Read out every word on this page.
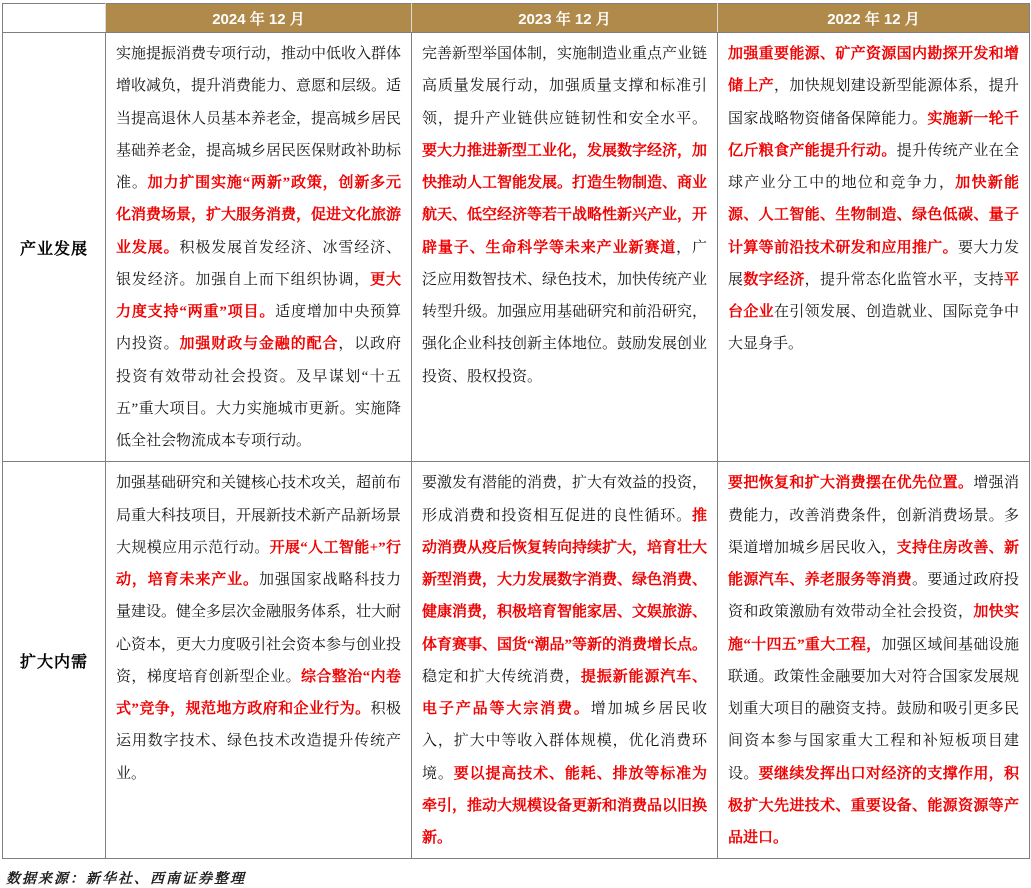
	2024 年 12 月	2023 年 12 月	2022 年 12 月
产业发展	实施提振消费专项行动，推动中低收入群体增收减负，提升消费能力、意愿和层级。适当提高退休人员基本养老金，提高城乡居民基础养老金，提高城乡居民医保财政补助标准。加力扩围实施“两新”政策，创新多元化消费场景，扩大服务消费，促进文化旅游业发展。积极发展首发经济、冰雪经济、银发经济。加强自上而下组织协调，更大力度支持“两重”项目。适度增加中央预算内投资。加强财政与金融的配合，以政府投资有效带动社会投资。及早谋划“十五五”重大项目。大力实施城市更新。实施降低全社会物流成本专项行动。	完善新型举国体制，实施制造业重点产业链高质量发展行动，加强质量支撑和标准引领，提升产业链供应链韧性和安全水平。要大力推进新型工业化，发展数字经济，加快推动人工智能发展。打造生物制造、商业航天、低空经济等若干战略性新兴产业，开辟量子、生命科学等未来产业新赛道，广泛应用数智技术、绿色技术，加快传统产业转型升级。加强应用基础研究和前沿研究，强化企业科技创新主体地位。鼓励发展创业投资、股权投资。	加强重要能源、矿产资源国内勘探开发和增储上产，加快规划建设新型能源体系，提升国家战略物资储备保障能力。实施新一轮千亿斤粮食产能提升行动。提升传统产业在全球产业分工中的地位和竞争力，加快新能源、人工智能、生物制造、绿色低碳、量子计算等前沿技术研发和应用推广。要大力发展数字经济，提升常态化监管水平，支持平台企业在引领发展、创造就业、国际竞争中大显身手。
扩大内需	加强基础研究和关键核心技术攻关，超前布局重大科技项目，开展新技术新产品新场景大规模应用示范行动。开展“人工智能+”行动，培育未来产业。加强国家战略科技力量建设。健全多层次金融服务体系，壮大耐心资本，更大力度吸引社会资本参与创业投资，梯度培育创新型企业。综合整治“内卷式”竞争，规范地方政府和企业行为。积极运用数字技术、绿色技术改造提升传统产业。	要激发有潜能的消费，扩大有效益的投资，形成消费和投资相互促进的良性循环。推动消费从疫后恢复转向持续扩大，培育壮大新型消费，大力发展数字消费、绿色消费、健康消费，积极培育智能家居、文娱旅游、体育赛事、国货“潮品”等新的消费增长点。稳定和扩大传统消费，提振新能源汽车、电子产品等大宗消费。增加城乡居民收入，扩大中等收入群体规模，优化消费环境。要以提高技术、能耗、排放等标准为牵引，推动大规模设备更新和消费品以旧换新。	要把恢复和扩大消费摆在优先位置。增强消费能力，改善消费条件，创新消费场景。多渠道增加城乡居民收入，支持住房改善、新能源汽车、养老服务等消费。要通过政府投资和政策激励有效带动全社会投资，加快实施“十四五”重大工程，加强区域间基础设施联通。政策性金融要加大对符合国家发展规划重大项目的融资支持。鼓励和吸引更多民间资本参与国家重大工程和补短板项目建设。要继续发挥出口对经济的支撑作用，积极扩大先进技术、重要设备、能源资源等产品进口。
数据来源：新华社、西南证券整理
